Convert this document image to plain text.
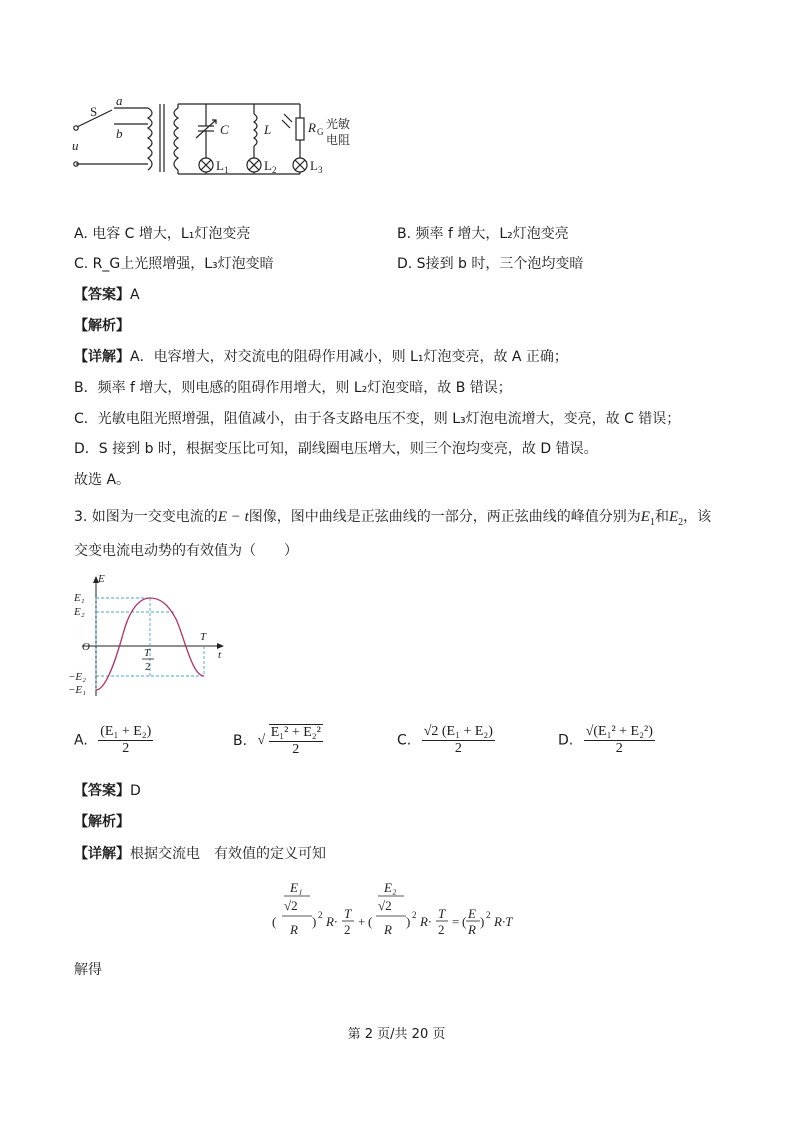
S
a
b
u
C	L	R G
光敏
电阻
L 1	L 2	L 3
A. 电容 C 增大，L₁灯泡变亮	B. 频率 f 增大，L₂灯泡变亮
C. R_G上光照增强，L₃灯泡变暗	D. S接到 b 时，三个泡均变暗
【答案】A
【解析】
【详解】A．电容增大，对交流电的阻碍作用减小，则 L₁灯泡变亮，故 A 正确；
B．频率 f 增大，则电感的阻碍作用增大，则 L₂灯泡变暗，故 B 错误；
C．光敏电阻光照增强，阻值减小，由于各支路电压不变，则 L₃灯泡电流增大，变亮，故 C 错误；
D．S 接到 b 时，根据变压比可知，副线圈电压增大，则三个泡均变亮，故 D 错误。
故选 A。
3. 如图为一交变电流的E − t图像，图中曲线是正弦曲线的一部分，两正弦曲线的峰值分别为$E_1$和$E_2$，该
交变电流电动势的有效值为（　　）
E
t
E₁
E₂
O
T
T
2
−E₂
−E₁
A. $\frac{\text{(E₁ + E₂)}}{2}$	B. √ $\frac{\text{E₁² + E₂²}}{2}$	C. $\frac{\text{√2 (E₁ + E₂)}}{2}$	D. $\frac{\text{√(E₁² + E₂²)}}{2}$
【答案】D
【解析】
【详解】根据交流电　有效值的定义可知
(
E₁
√2
R
) 2 R·
T
2
+ (
E₂
√2
R
) 2 R·
T
2
= (
E
R
) 2 R·T
解得
第 2 页/共 20 页
